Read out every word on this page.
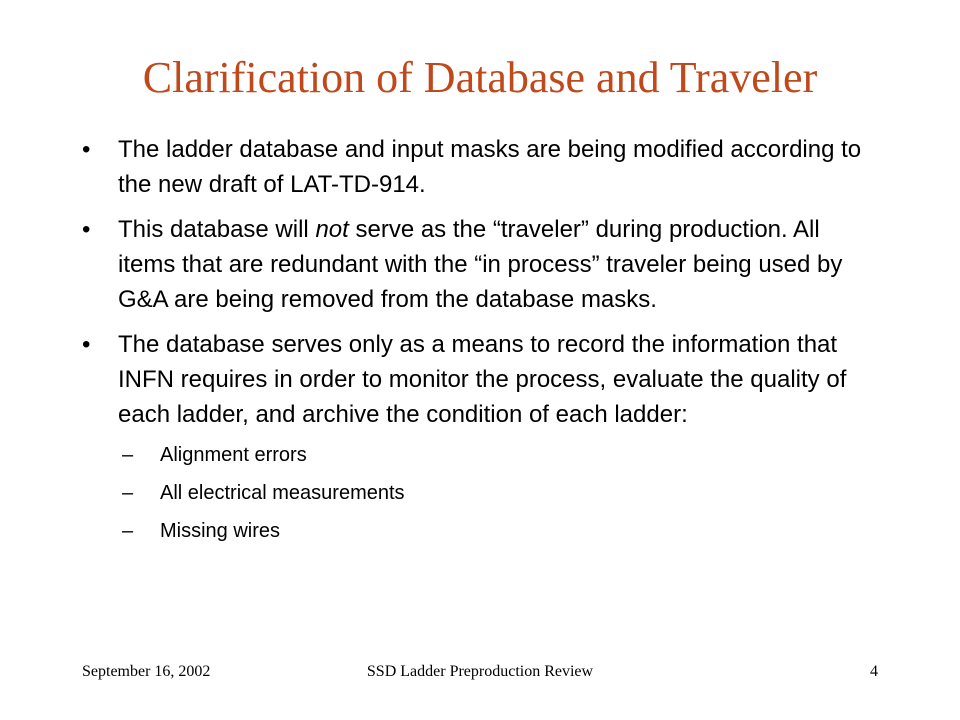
Clarification of Database and Traveler
•	The ladder database and input masks are being modified according to the new draft of LAT-TD-914.
•	This database will not serve as the “traveler” during production. All items that are redundant with the “in process” traveler being used by G&A are being removed from the database masks.
•	The database serves only as a means to record the information that INFN requires in order to monitor the process, evaluate the quality of each ladder, and archive the condition of each ladder:
– Alignment errors
– All electrical measurements
– Missing wires
September 16, 2002	SSD Ladder Preproduction Review	4
